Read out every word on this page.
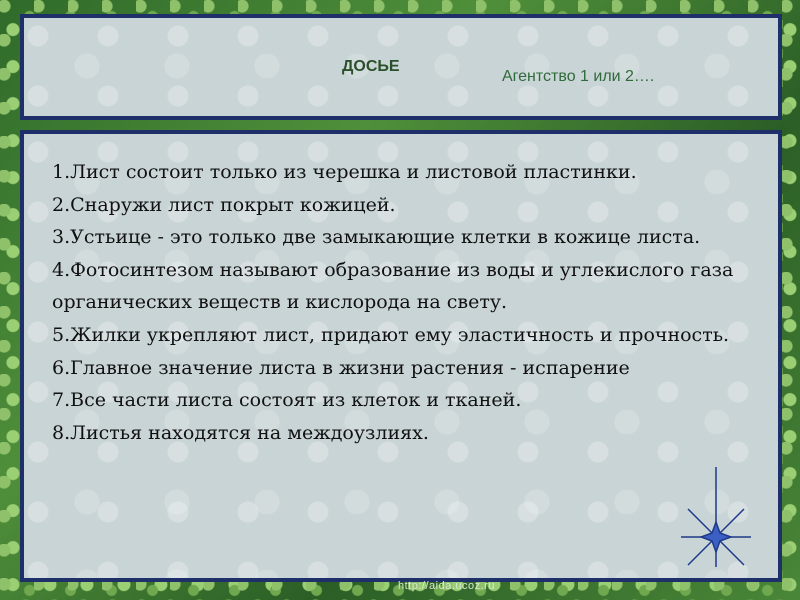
ДОСЬЕ
Агентство 1 или 2….
1.Лист состоит только из черешка и листовой пластинки.
2.Снаружи лист покрыт кожицей.
3.Устьице - это только две замыкающие клетки в кожице листа.
4.Фотосинтезом называют образование из воды и углекислого газа органических веществ и кислорода на свету.
5.Жилки укрепляют лист, придают ему эластичность и прочность.
6.Главное значение листа в жизни растения - испарение
7.Все части листа состоят из клеток и тканей.
8.Листья находятся на междоузлиях.
http://aida.ucoz.ru
